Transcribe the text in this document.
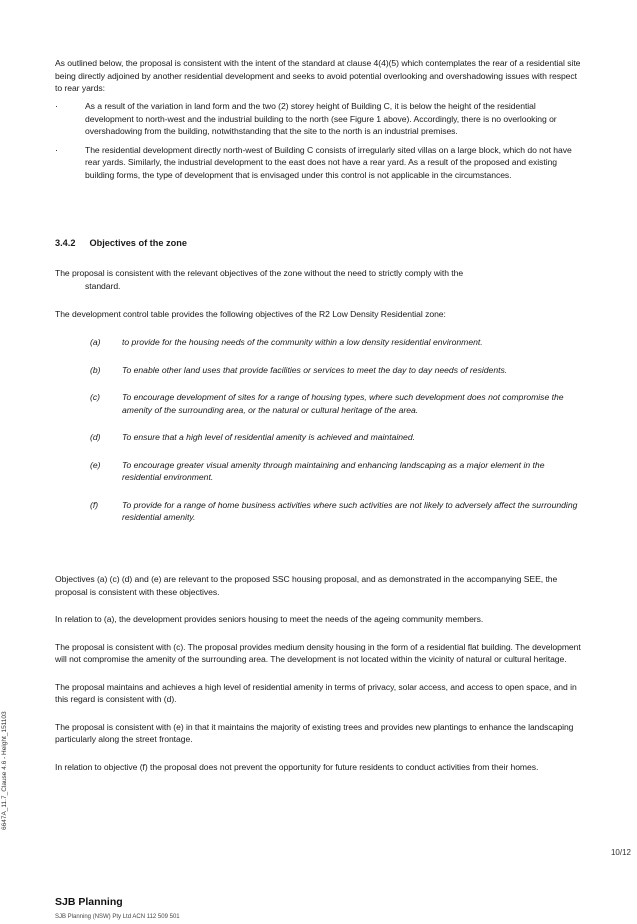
As outlined below, the proposal is consistent with the intent of the standard at clause 4(4)(5) which contemplates the rear of a residential site being directly adjoined by another residential development and seeks to avoid potential overlooking and overshadowing issues with respect to rear yards:

·	As a result of the variation in land form and the two (2) storey height of Building C, it is below the height of the residential development to north-west and the industrial building to the north (see Figure 1 above). Accordingly, there is no overlooking or overshadowing from the building, notwithstanding that the site to the north is an industrial premises.
·	The residential development directly north-west of Building C consists of irregularly sited villas on a large block, which do not have rear yards. Similarly, the industrial development to the east does not have a rear yard. As a result of the proposed and existing building forms, the type of development that is envisaged under this control is not applicable in the circumstances.
3.4.2 Objectives of the zone
The proposal is consistent with the relevant objectives of the zone without the need to strictly comply with the
standard.

The development control table provides the following objectives of the R2 Low Density Residential zone:

(a)	to provide for the housing needs of the community within a low density residential environment.
(b)	To enable other land uses that provide facilities or services to meet the day to day needs of residents.
(c)	To encourage development of sites for a range of housing types, where such development does not compromise the amenity of the surrounding area, or the natural or cultural heritage of the area.
(d)	To ensure that a high level of residential amenity is achieved and maintained.
(e)	To encourage greater visual amenity through maintaining and enhancing landscaping as a major element in the residential environment.
(f)	To provide for a range of home business activities where such activities are not likely to adversely affect the surrounding residential amenity.

Objectives (a) (c) (d) and (e) are relevant to the proposed SSC housing proposal, and as demonstrated in the accompanying SEE, the proposal is consistent with these objectives.

In relation to (a), the development provides seniors housing to meet the needs of the ageing community members.

The proposal is consistent with (c). The proposal provides medium density housing in the form of a residential flat building. The development will not compromise the amenity of the surrounding area. The development is not located within the vicinity of natural or cultural heritage.

The proposal maintains and achieves a high level of residential amenity in terms of privacy, solar access, and access to open space, and in this regard is consistent with (d).

The proposal is consistent with (e) in that it maintains the majority of existing trees and provides new plantings to enhance the landscaping particularly along the street frontage.

In relation to objective (f) the proposal does not prevent the opportunity for future residents to conduct activities from their homes.

10/12
SJB Planning
SJB Planning (NSW) Pty Ltd ACN 112 509 501
6647A_11.7_Clause 4.6 - Height_151103
